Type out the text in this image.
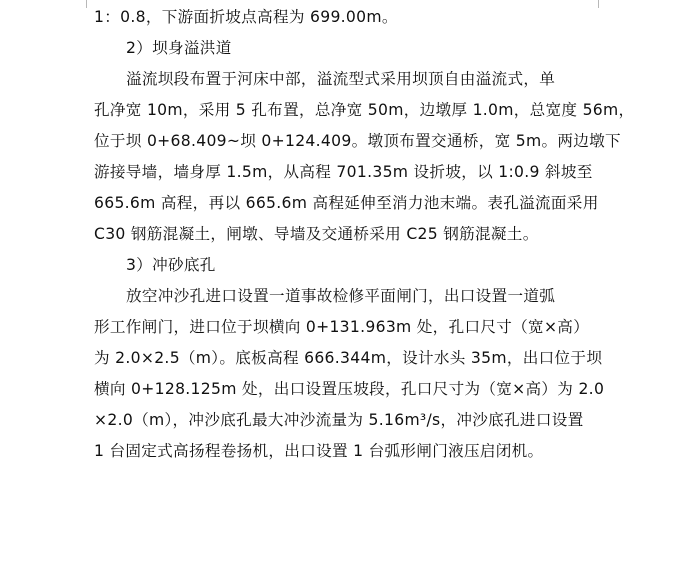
1：0.8，下游面折坡点高程为 699.00m。
2）坝身溢洪道
溢流坝段布置于河床中部，溢流型式采用坝顶自由溢流式，单
孔净宽 10m，采用 5 孔布置，总净宽 50m，边墩厚 1.0m，总宽度 56m，
位于坝 0+68.409~坝 0+124.409。墩顶布置交通桥，宽 5m。两边墩下
游接导墙，墙身厚 1.5m，从高程 701.35m 设折坡，以 1:0.9 斜坡至
665.6m 高程，再以 665.6m 高程延伸至消力池末端。表孔溢流面采用
C30 钢筋混凝土，闸墩、导墙及交通桥采用 C25 钢筋混凝土。
3）冲砂底孔
放空冲沙孔进口设置一道事故检修平面闸门，出口设置一道弧
形工作闸门，进口位于坝横向 0+131.963m 处，孔口尺寸（宽×高）
为 2.0×2.5（m）。底板高程 666.344m，设计水头 35m，出口位于坝
横向 0+128.125m 处，出口设置压坡段，孔口尺寸为（宽×高）为 2.0
×2.0（m），冲沙底孔最大冲沙流量为 5.16m³/s，冲沙底孔进口设置
1 台固定式高扬程卷扬机，出口设置 1 台弧形闸门液压启闭机。
